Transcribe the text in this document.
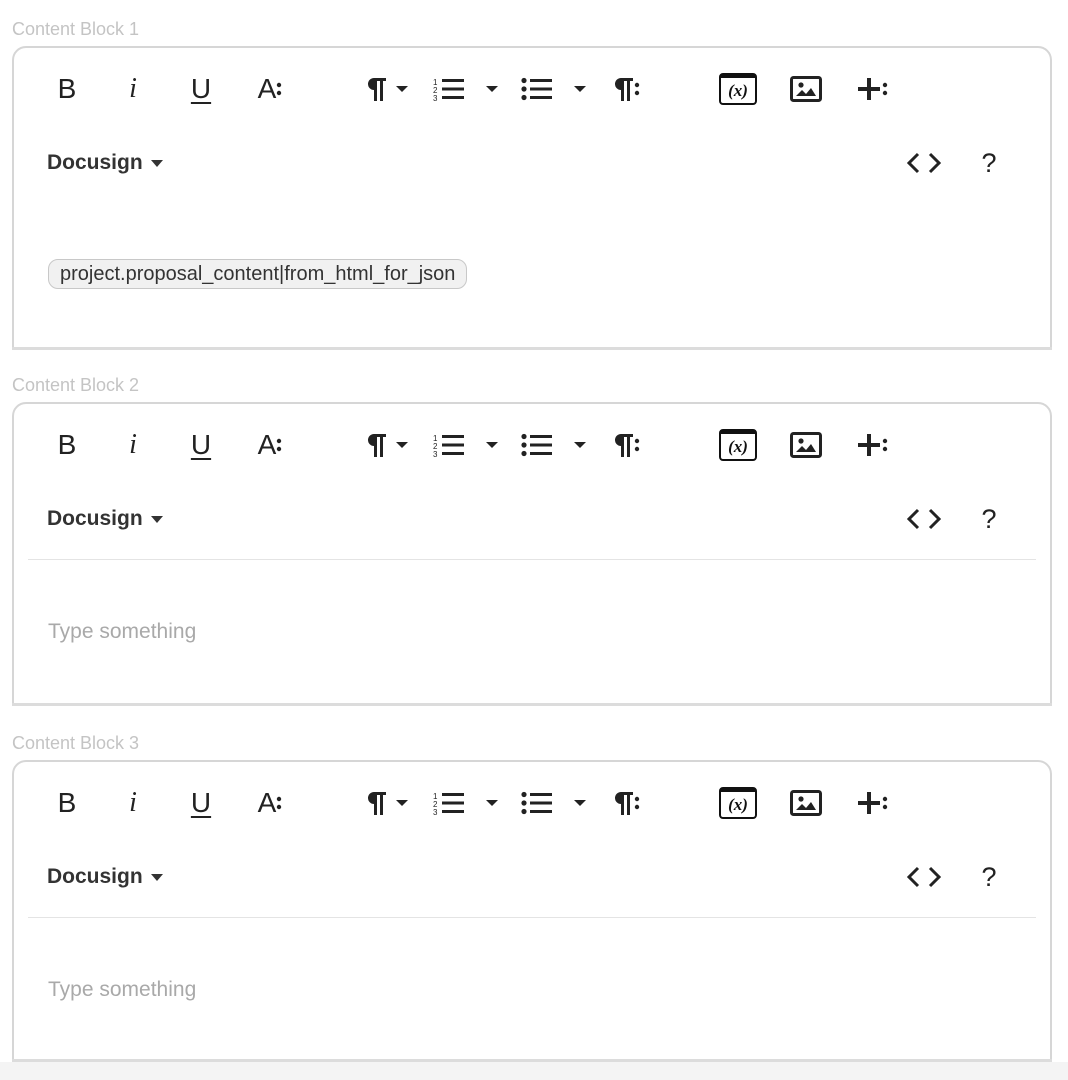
Content Block 1
B i U A	1
2
3	(x)
Docusign	?
project.proposal_content|from_html_for_json
Content Block 2
B i U A	1
2
3	(x)
Docusign	?
Type something
Content Block 3
B i U A	1
2
3	(x)
Docusign	?
Type something
